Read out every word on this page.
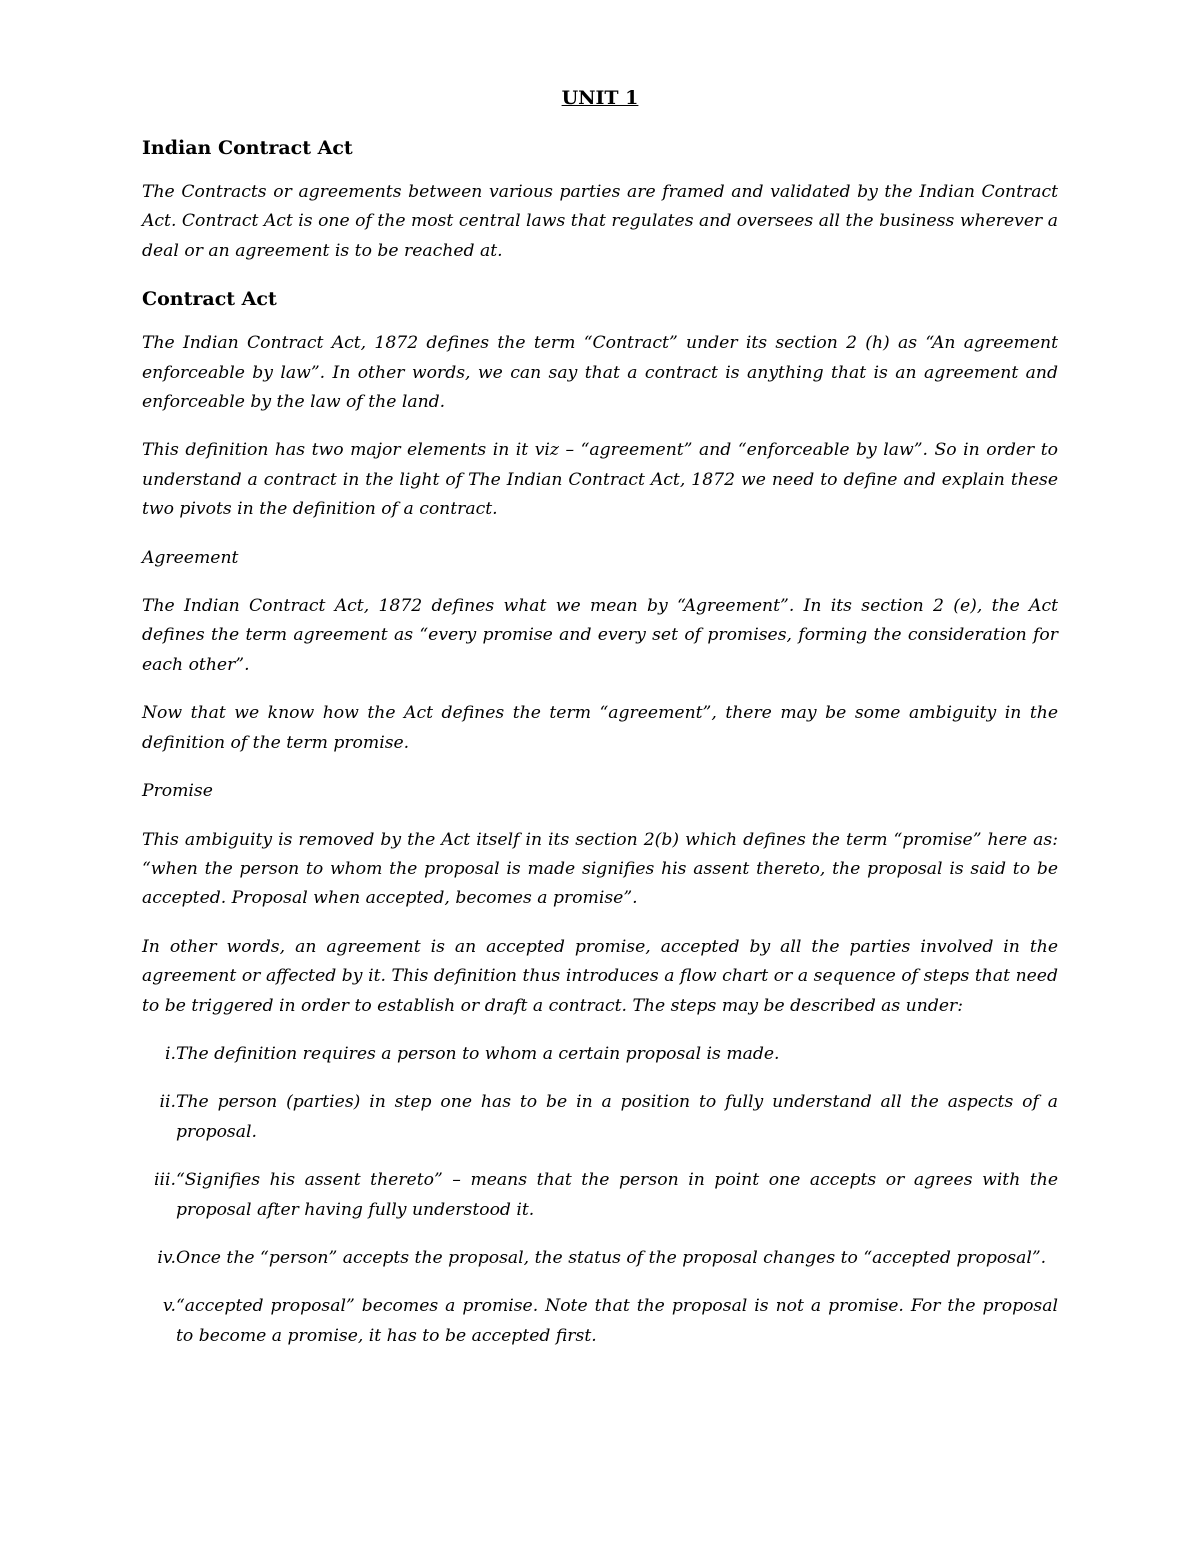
UNIT 1
Indian Contract Act
The Contracts or agreements between various parties are framed and validated by the Indian Contract Act. Contract Act is one of the most central laws that regulates and oversees all the business wherever a deal or an agreement is to be reached at.
Contract Act
The Indian Contract Act, 1872 defines the term “Contract” under its section 2 (h) as “An agreement enforceable by law”. In other words, we can say that a contract is anything that is an agreement and enforceable by the law of the land.
This definition has two major elements in it viz – “agreement” and “enforceable by law”. So in order to understand a contract in the light of The Indian Contract Act, 1872 we need to define and explain these two pivots in the definition of a contract.
Agreement
The Indian Contract Act, 1872 defines what we mean by “Agreement”. In its section 2 (e), the Act defines the term agreement as “every promise and every set of promises, forming the consideration for each other”.
Now that we know how the Act defines the term “agreement”, there may be some ambiguity in the definition of the term promise.
Promise
This ambiguity is removed by the Act itself in its section 2(b) which defines the term “promise” here as: “when the person to whom the proposal is made signifies his assent thereto, the proposal is said to be accepted. Proposal when accepted, becomes a promise”.
In other words, an agreement is an accepted promise, accepted by all the parties involved in the agreement or affected by it. This definition thus introduces a flow chart or a sequence of steps that need to be triggered in order to establish or draft a contract. The steps may be described as under:
i. The definition requires a person to whom a certain proposal is made.
ii. The person (parties) in step one has to be in a position to fully understand all the aspects of a proposal.
iii. “Signifies his assent thereto” – means that the person in point one accepts or agrees with the proposal after having fully understood it.
iv. Once the “person” accepts the proposal, the status of the proposal changes to “accepted proposal”.
v. “accepted proposal” becomes a promise. Note that the proposal is not a promise. For the proposal to become a promise, it has to be accepted first.
